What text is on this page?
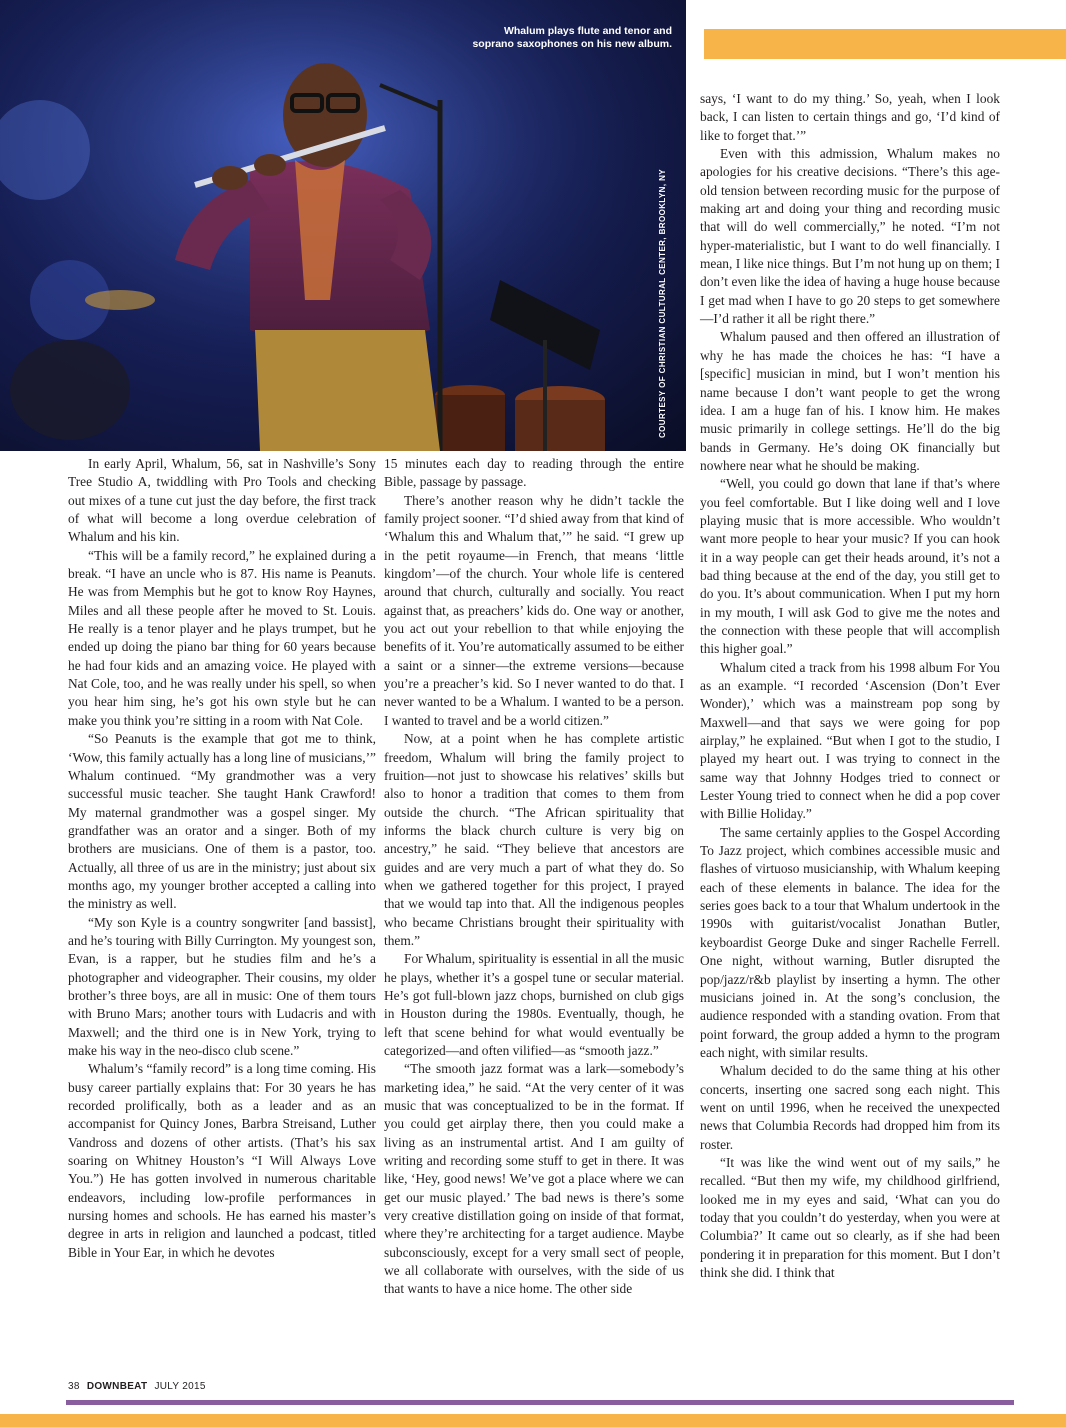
Whalum plays flute and tenor and soprano saxophones on his new album.
COURTESY OF CHRISTIAN CULTURAL CENTER, BROOKLYN, NY

In early April, Whalum, 56, sat in Nashville’s Sony Tree Studio A, twiddling with Pro Tools and checking out mixes of a tune cut just the day before, the first track of what will become a long overdue celebration of Whalum and his kin.

“This will be a family record,” he explained during a break. “I have an uncle who is 87. His name is Peanuts. He was from Memphis but he got to know Roy Haynes, Miles and all these people after he moved to St. Louis. He really is a tenor player and he plays trumpet, but he ended up doing the piano bar thing for 60 years because he had four kids and an amazing voice. He played with Nat Cole, too, and he was really under his spell, so when you hear him sing, he’s got his own style but he can make you think you’re sitting in a room with Nat Cole.

“So Peanuts is the example that got me to think, ‘Wow, this family actually has a long line of musicians,’” Whalum continued. “My grandmother was a very successful music teacher. She taught Hank Crawford! My maternal grandmother was a gospel singer. My grandfather was an orator and a singer. Both of my brothers are musicians. One of them is a pastor, too. Actually, all three of us are in the ministry; just about six months ago, my younger brother accepted a calling into the ministry as well.

“My son Kyle is a country songwriter [and bassist], and he’s touring with Billy Currington. My youngest son, Evan, is a rapper, but he studies film and he’s a photographer and videographer. Their cousins, my older brother’s three boys, are all in music: One of them tours with Bruno Mars; another tours with Ludacris and with Maxwell; and the third one is in New York, trying to make his way in the neo-disco club scene.”

Whalum’s “family record” is a long time coming. His busy career partially explains that: For 30 years he has recorded prolifically, both as a leader and as an accompanist for Quincy Jones, Barbra Streisand, Luther Vandross and dozens of other artists. (That’s his sax soaring on Whitney Houston’s “I Will Always Love You.”) He has gotten involved in numerous charitable endeavors, including low-profile performances in nursing homes and schools. He has earned his master’s degree in arts in religion and launched a podcast, titled Bible in Your Ear, in which he devotes

15 minutes each day to reading through the entire Bible, passage by passage.

There’s another reason why he didn’t tackle the family project sooner. “I’d shied away from that kind of ‘Whalum this and Whalum that,’” he said. “I grew up in the petit royaume—in French, that means ‘little kingdom’—of the church. Your whole life is centered around that church, culturally and socially. You react against that, as preachers’ kids do. One way or another, you act out your rebellion to that while enjoying the benefits of it. You’re automatically assumed to be either a saint or a sinner—the extreme versions—because you’re a preacher’s kid. So I never wanted to do that. I never wanted to be a Whalum. I wanted to be a person. I wanted to travel and be a world citizen.”

Now, at a point when he has complete artistic freedom, Whalum will bring the family project to fruition—not just to showcase his relatives’ skills but also to honor a tradition that comes to them from outside the church. “The African spirituality that informs the black church culture is very big on ancestry,” he said. “They believe that ancestors are guides and are very much a part of what they do. So when we gathered together for this project, I prayed that we would tap into that. All the indigenous peoples who became Christians brought their spirituality with them.”

For Whalum, spirituality is essential in all the music he plays, whether it’s a gospel tune or secular material. He’s got full-blown jazz chops, burnished on club gigs in Houston during the 1980s. Eventually, though, he left that scene behind for what would eventually be categorized—and often vilified—as “smooth jazz.”

“The smooth jazz format was a lark—somebody’s marketing idea,” he said. “At the very center of it was music that was conceptualized to be in the format. If you could get airplay there, then you could make a living as an instrumental artist. And I am guilty of writing and recording some stuff to get in there. It was like, ‘Hey, good news! We’ve got a place where we can get our music played.’ The bad news is there’s some very creative distillation going on inside of that format, where they’re architecting for a target audience. Maybe subconsciously, except for a very small sect of people, we all collaborate with ourselves, with the side of us that wants to have a nice home. The other side

says, ‘I want to do my thing.’ So, yeah, when I look back, I can listen to certain things and go, ‘I’d kind of like to forget that.’”

Even with this admission, Whalum makes no apologies for his creative decisions. “There’s this age-old tension between recording music for the purpose of making art and doing your thing and recording music that will do well commercially,” he noted. “I’m not hyper-materialistic, but I want to do well financially. I mean, I like nice things. But I’m not hung up on them; I don’t even like the idea of having a huge house because I get mad when I have to go 20 steps to get somewhere—I’d rather it all be right there.”

Whalum paused and then offered an illustration of why he has made the choices he has: “I have a [specific] musician in mind, but I won’t mention his name because I don’t want people to get the wrong idea. I am a huge fan of his. I know him. He makes music primarily in college settings. He’ll do the big bands in Germany. He’s doing OK financially but nowhere near what he should be making.

“Well, you could go down that lane if that’s where you feel comfortable. But I like doing well and I love playing music that is more accessible. Who wouldn’t want more people to hear your music? If you can hook it in a way people can get their heads around, it’s not a bad thing because at the end of the day, you still get to do you. It’s about communication. When I put my horn in my mouth, I will ask God to give me the notes and the connection with these people that will accomplish this higher goal.”

Whalum cited a track from his 1998 album For You as an example. “I recorded ‘Ascension (Don’t Ever Wonder),’ which was a mainstream pop song by Maxwell—and that says we were going for pop airplay,” he explained. “But when I got to the studio, I played my heart out. I was trying to connect in the same way that Johnny Hodges tried to connect or Lester Young tried to connect when he did a pop cover with Billie Holiday.”

The same certainly applies to the Gospel According To Jazz project, which combines accessible music and flashes of virtuoso musicianship, with Whalum keeping each of these elements in balance. The idea for the series goes back to a tour that Whalum undertook in the 1990s with guitarist/vocalist Jonathan Butler, keyboardist George Duke and singer Rachelle Ferrell. One night, without warning, Butler disrupted the pop/jazz/r&b playlist by inserting a hymn. The other musicians joined in. At the song’s conclusion, the audience responded with a standing ovation. From that point forward, the group added a hymn to the program each night, with similar results.

Whalum decided to do the same thing at his other concerts, inserting one sacred song each night. This went on until 1996, when he received the unexpected news that Columbia Records had dropped him from its roster.

“It was like the wind went out of my sails,” he recalled. “But then my wife, my childhood girlfriend, looked me in my eyes and said, ‘What can you do today that you couldn’t do yesterday, when you were at Columbia?’ It came out so clearly, as if she had been pondering it in preparation for this moment. But I don’t think she did. I think that

38 DOWNBEAT JULY 2015
